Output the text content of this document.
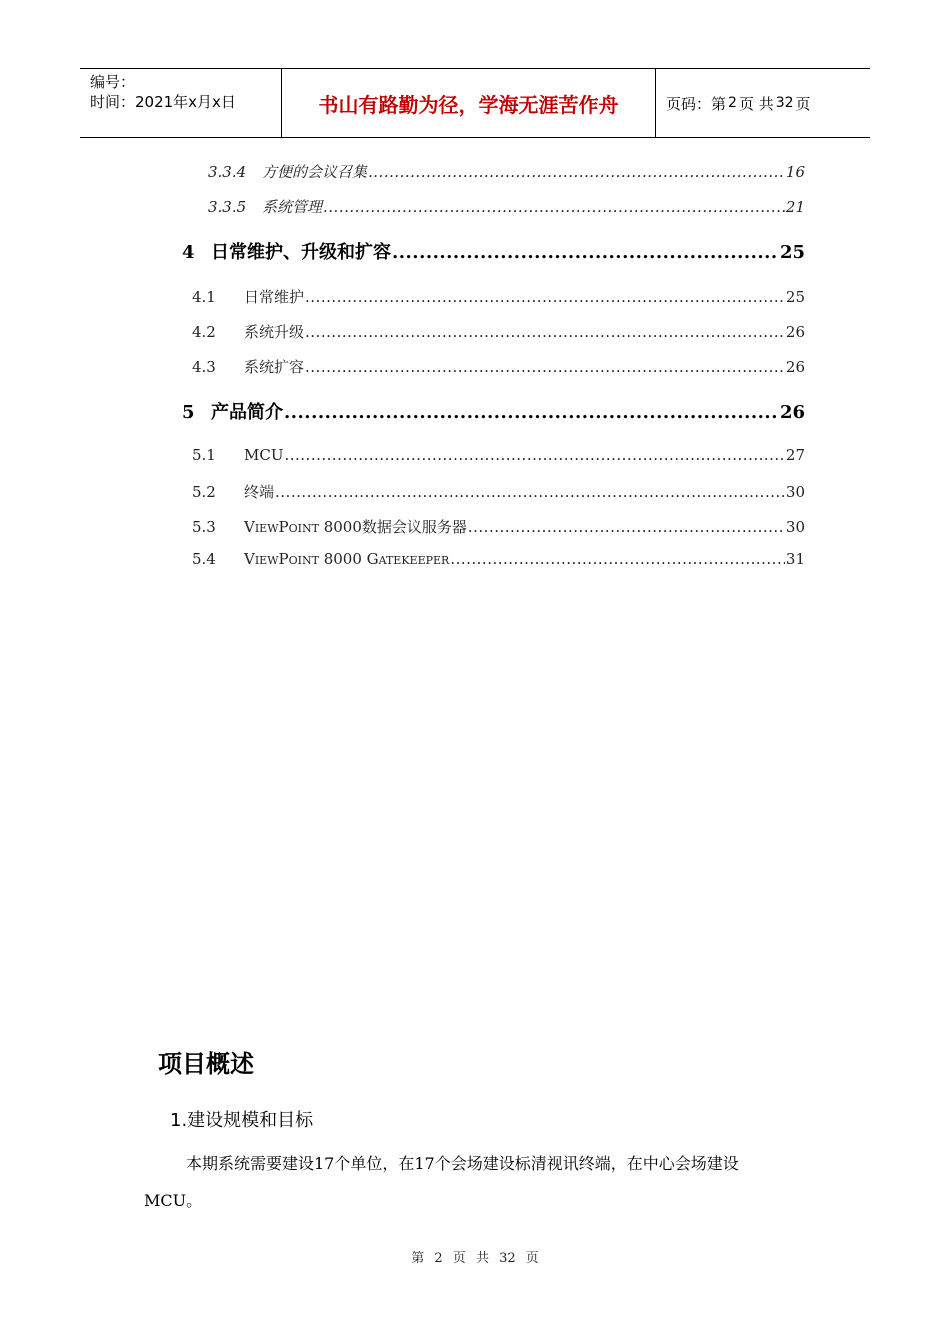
编号：
时间：2021年x月x日	书山有路勤为径，学海无涯苦作舟	页码：第 2 页 共 32 页
3.3.4	方便的会议召集 .....	16
3.3.5	系统管理 .....	21
4 日常维护、升级和扩容 .....	25
4.1	日常维护 .....	25
4.2	系统升级 .....	26
4.3	系统扩容 .....	26
5 产品简介 .....	26
5.1	MCU .....	27
5.2	终端 .....	30
5.3	ViewPoint 8000数据会议服务器 .....	30
5.4	ViewPoint 8000 Gatekeeper .....	31
项目概述
1.建设规模和目标
本期系统需要建设17个单位，在17个会场建设标清视讯终端，在中心会场建设
MCU。
第 2 页 共 32 页
